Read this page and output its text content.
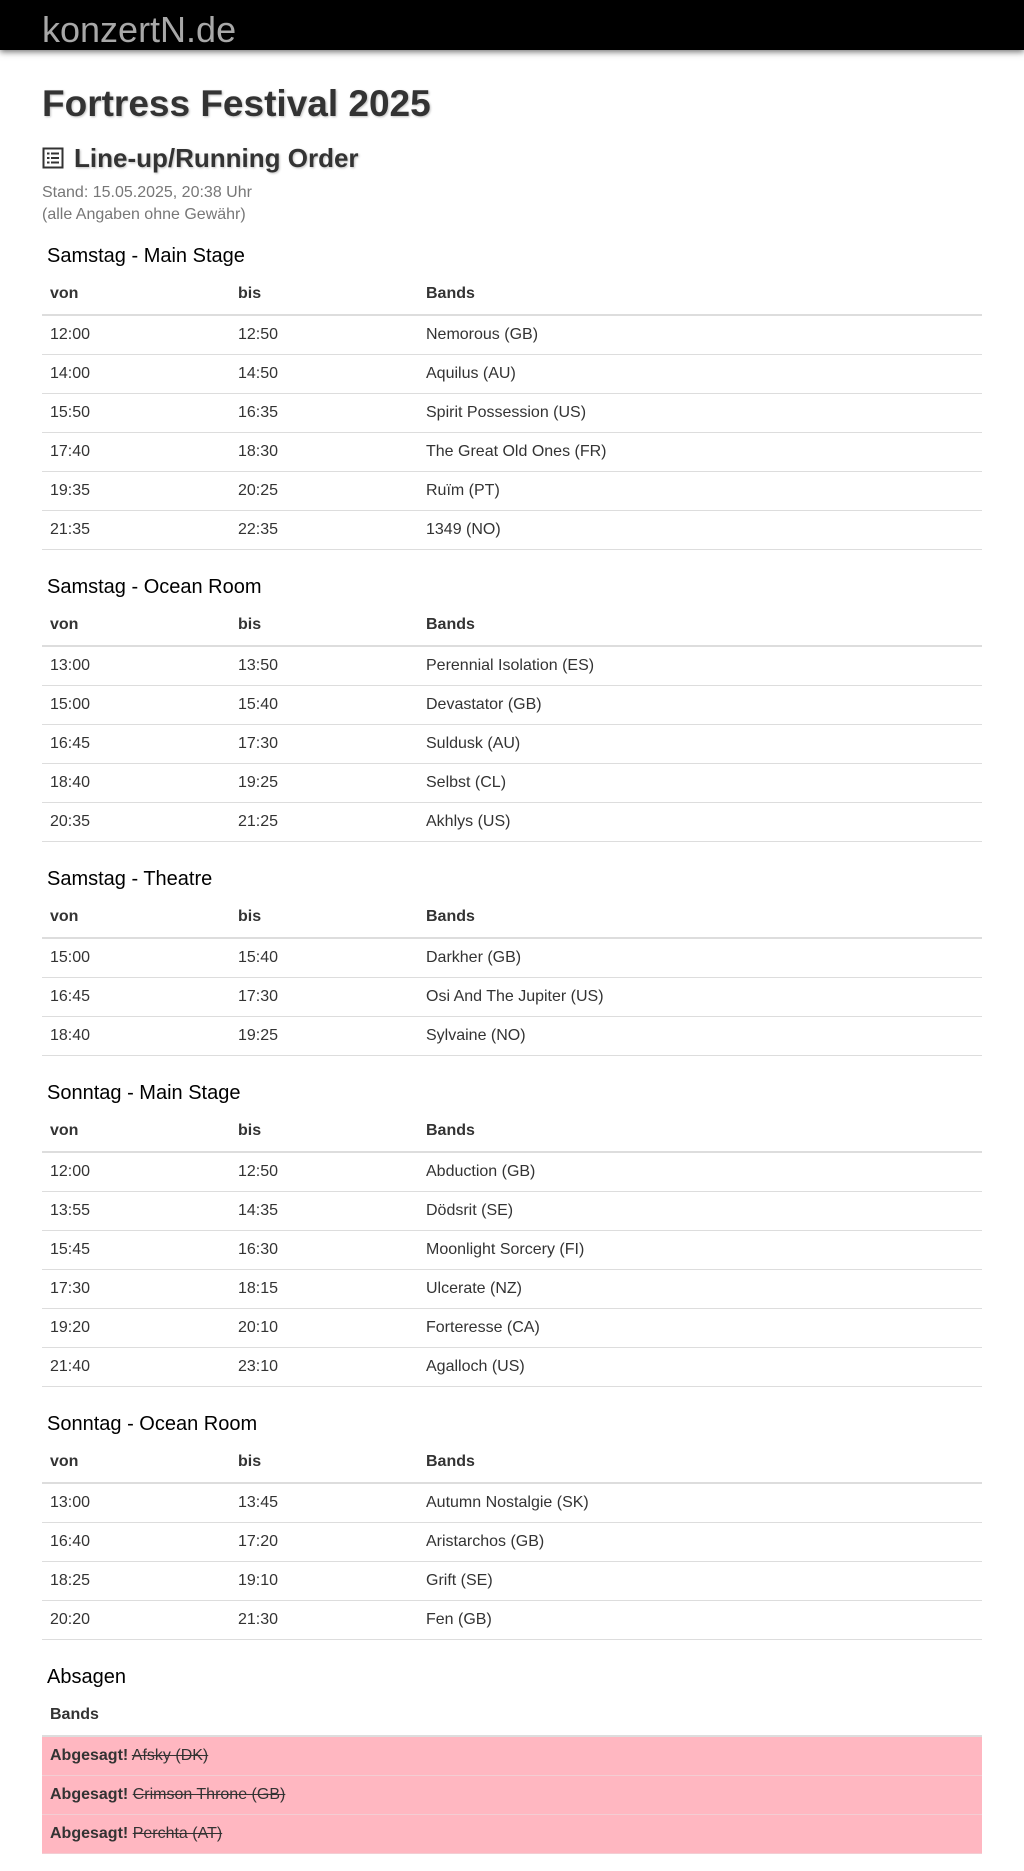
konzertN.de
Fortress Festival 2025
Line-up/Running Order
Stand: 15.05.2025, 20:38 Uhr
(alle Angaben ohne Gewähr)
Samstag - Main Stage
von	bis	Bands
12:00	12:50	Nemorous (GB)
14:00	14:50	Aquilus (AU)
15:50	16:35	Spirit Possession (US)
17:40	18:30	The Great Old Ones (FR)
19:35	20:25	Ruïm (PT)
21:35	22:35	1349 (NO)
Samstag - Ocean Room
von	bis	Bands
13:00	13:50	Perennial Isolation (ES)
15:00	15:40	Devastator (GB)
16:45	17:30	Suldusk (AU)
18:40	19:25	Selbst (CL)
20:35	21:25	Akhlys (US)
Samstag - Theatre
von	bis	Bands
15:00	15:40	Darkher (GB)
16:45	17:30	Osi And The Jupiter (US)
18:40	19:25	Sylvaine (NO)
Sonntag - Main Stage
von	bis	Bands
12:00	12:50	Abduction (GB)
13:55	14:35	Dödsrit (SE)
15:45	16:30	Moonlight Sorcery (FI)
17:30	18:15	Ulcerate (NZ)
19:20	20:10	Forteresse (CA)
21:40	23:10	Agalloch (US)
Sonntag - Ocean Room
von	bis	Bands
13:00	13:45	Autumn Nostalgie (SK)
16:40	17:20	Aristarchos (GB)
18:25	19:10	Grift (SE)
20:20	21:30	Fen (GB)
Absagen
Bands
Abgesagt! Afsky (DK)
Abgesagt! Crimson Throne (GB)
Abgesagt! Perchta (AT)
